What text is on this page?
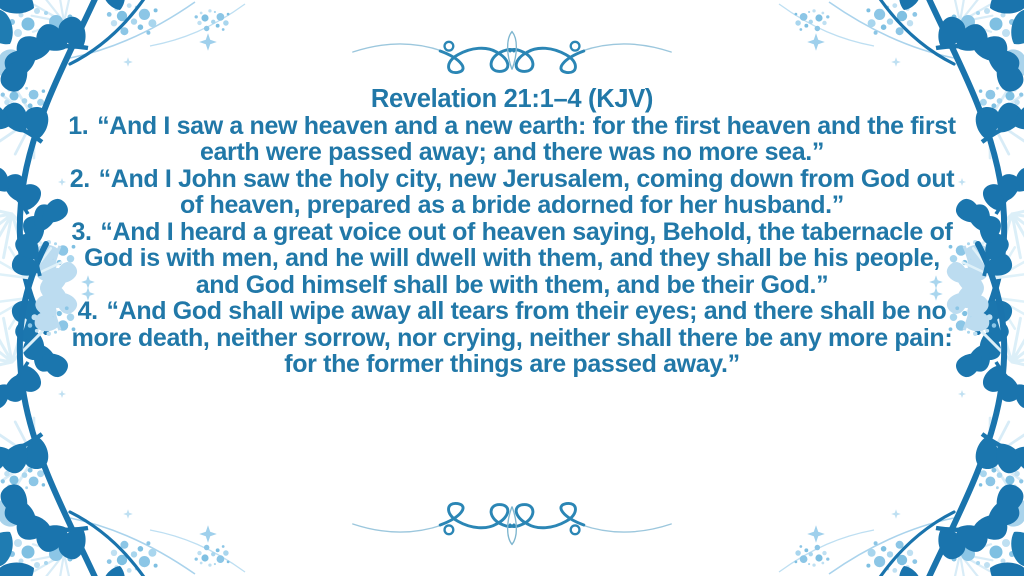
Revelation 21:1–4 (KJV)

1. “And I saw a new heaven and a new earth: for the first heaven and the first earth were passed away; and there was no more sea.”

2. “And I John saw the holy city, new Jerusalem, coming down from God out of heaven, prepared as a bride adorned for her husband.”

3. “And I heard a great voice out of heaven saying, Behold, the tabernacle of God is with men, and he will dwell with them, and they shall be his people, and God himself shall be with them, and be their God.”

4. “And God shall wipe away all tears from their eyes; and there shall be no more death, neither sorrow, nor crying, neither shall there be any more pain: for the former things are passed away.”
